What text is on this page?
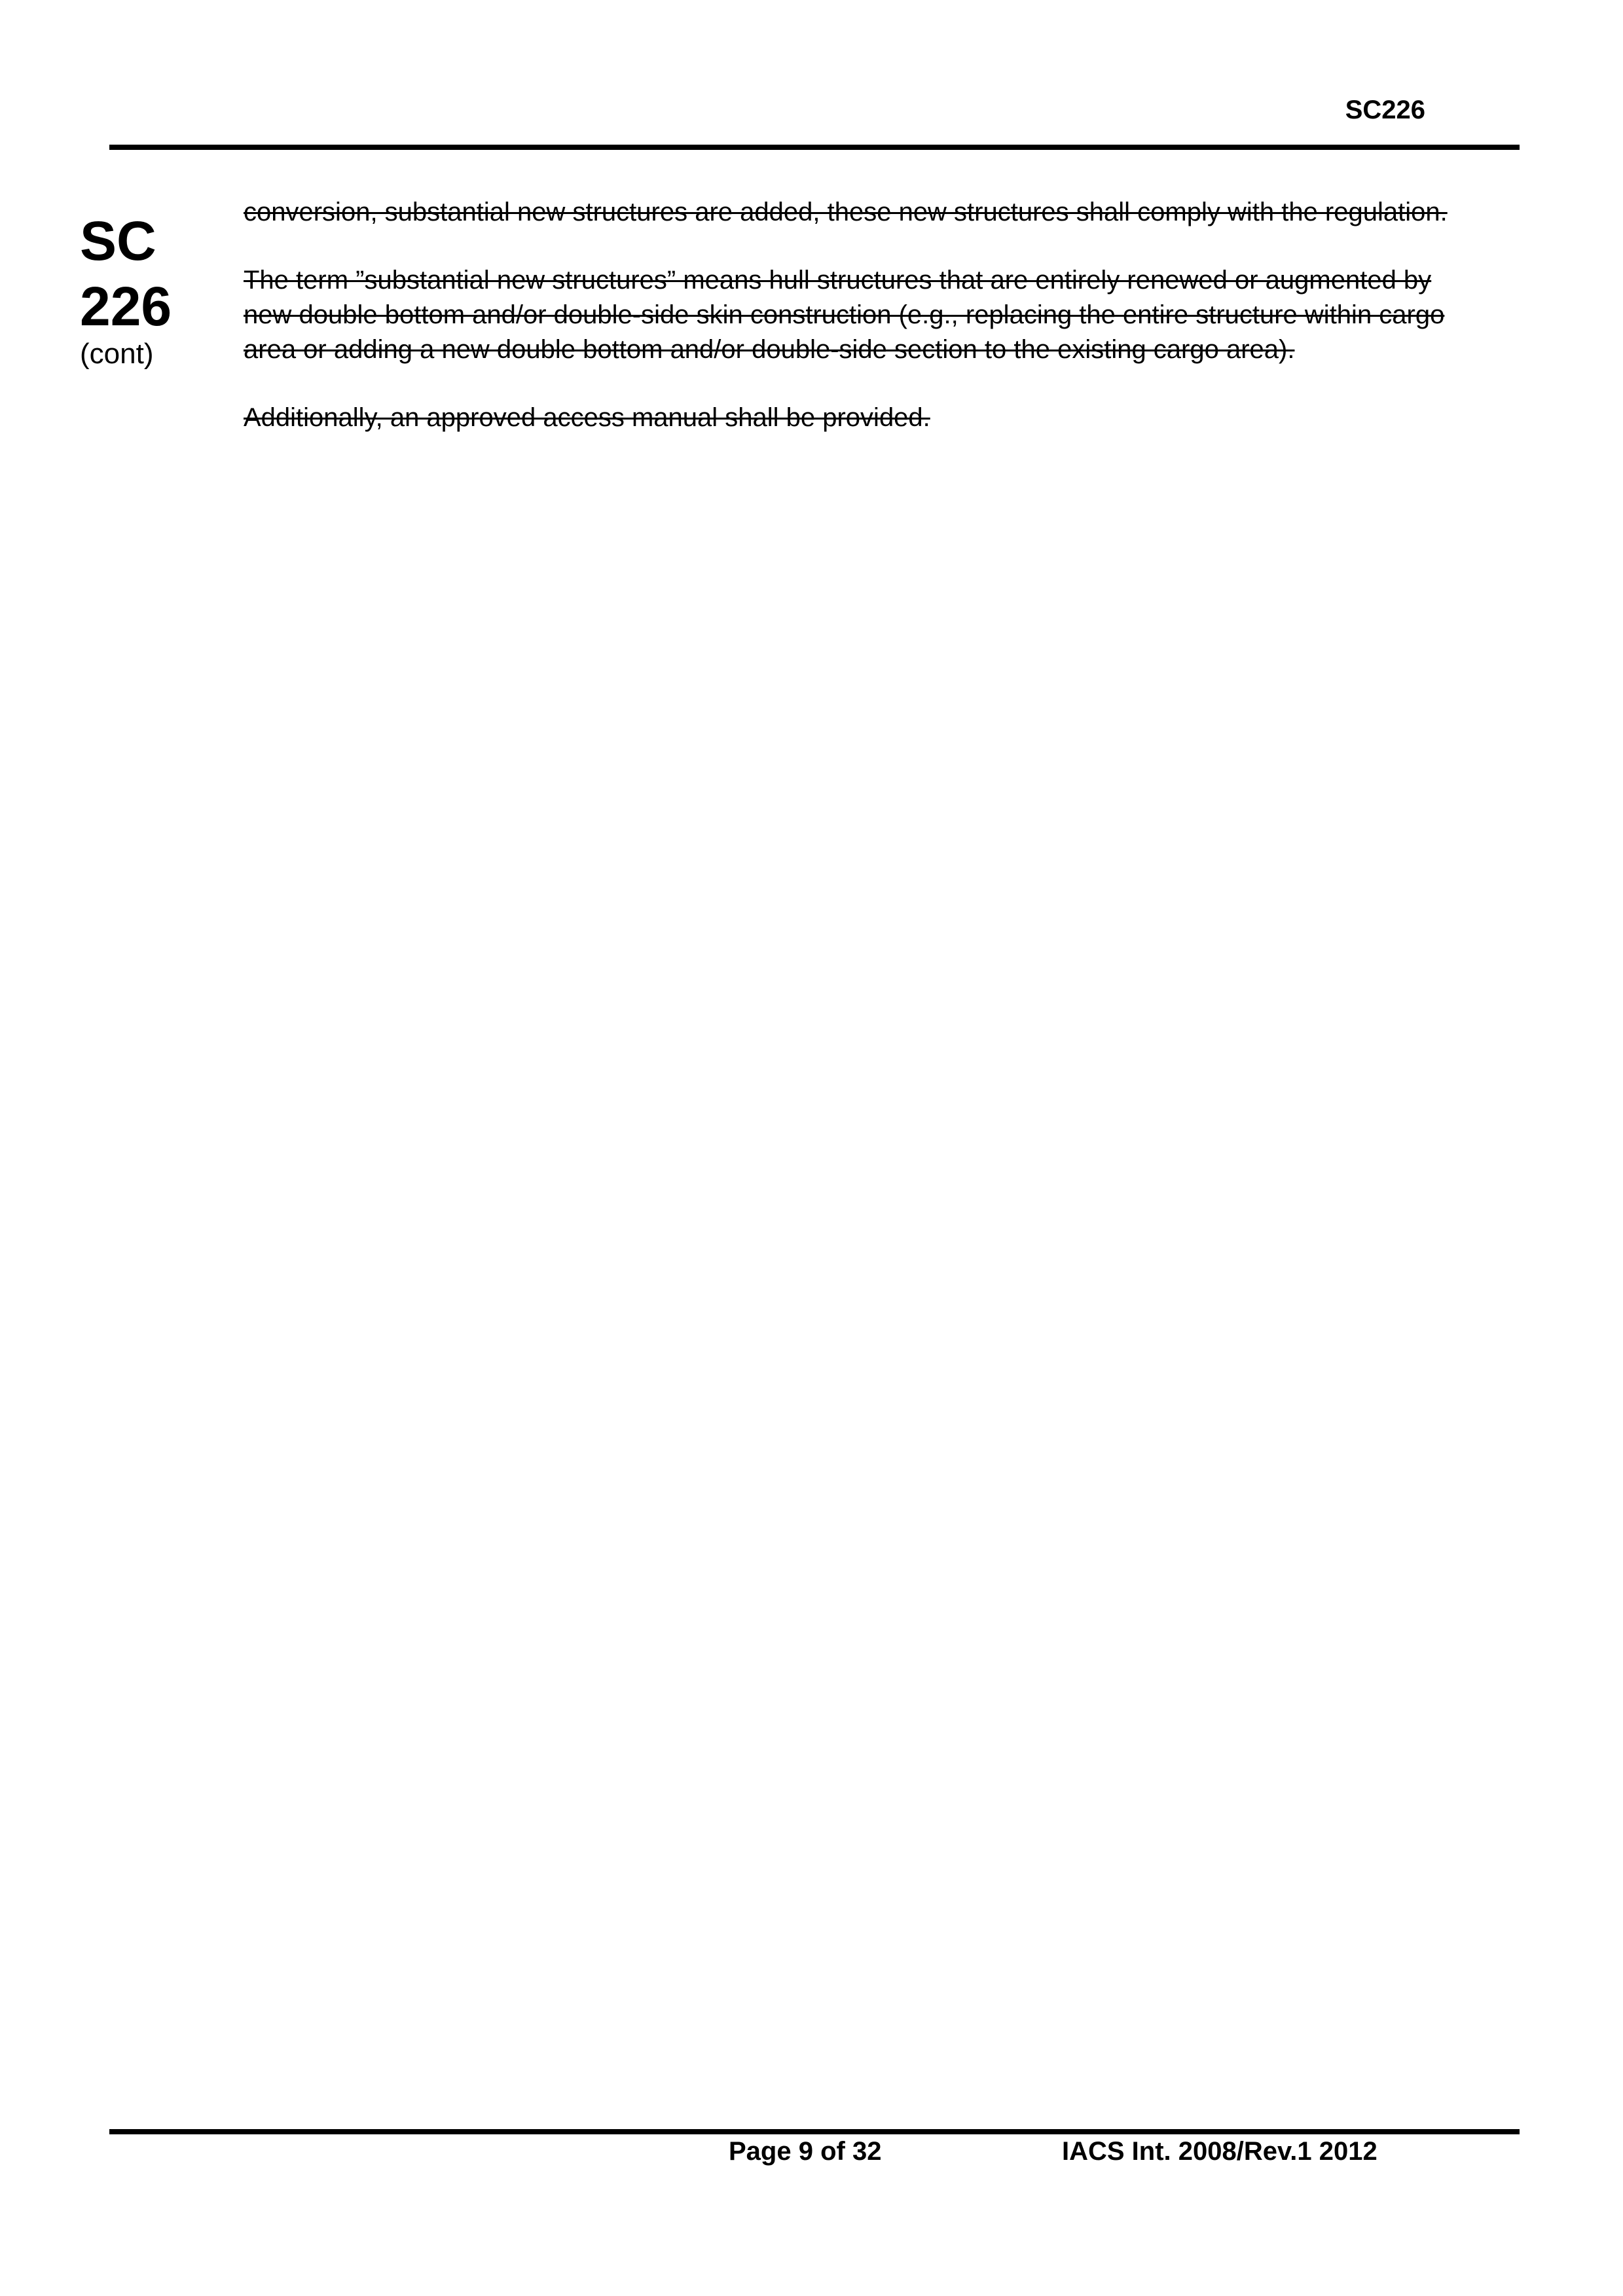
SC226
SC
226
(cont)

conversion, substantial new structures are added, these new structures shall comply with the regulation.

The term ”substantial new structures” means hull structures that are entirely renewed or augmented by new double bottom and/or double-side skin construction (e.g., replacing the entire structure within cargo area or adding a new double bottom and/or double-side section to the existing cargo area).

Additionally, an approved access manual shall be provided.

Page 9 of 32	IACS Int. 2008/Rev.1 2012
